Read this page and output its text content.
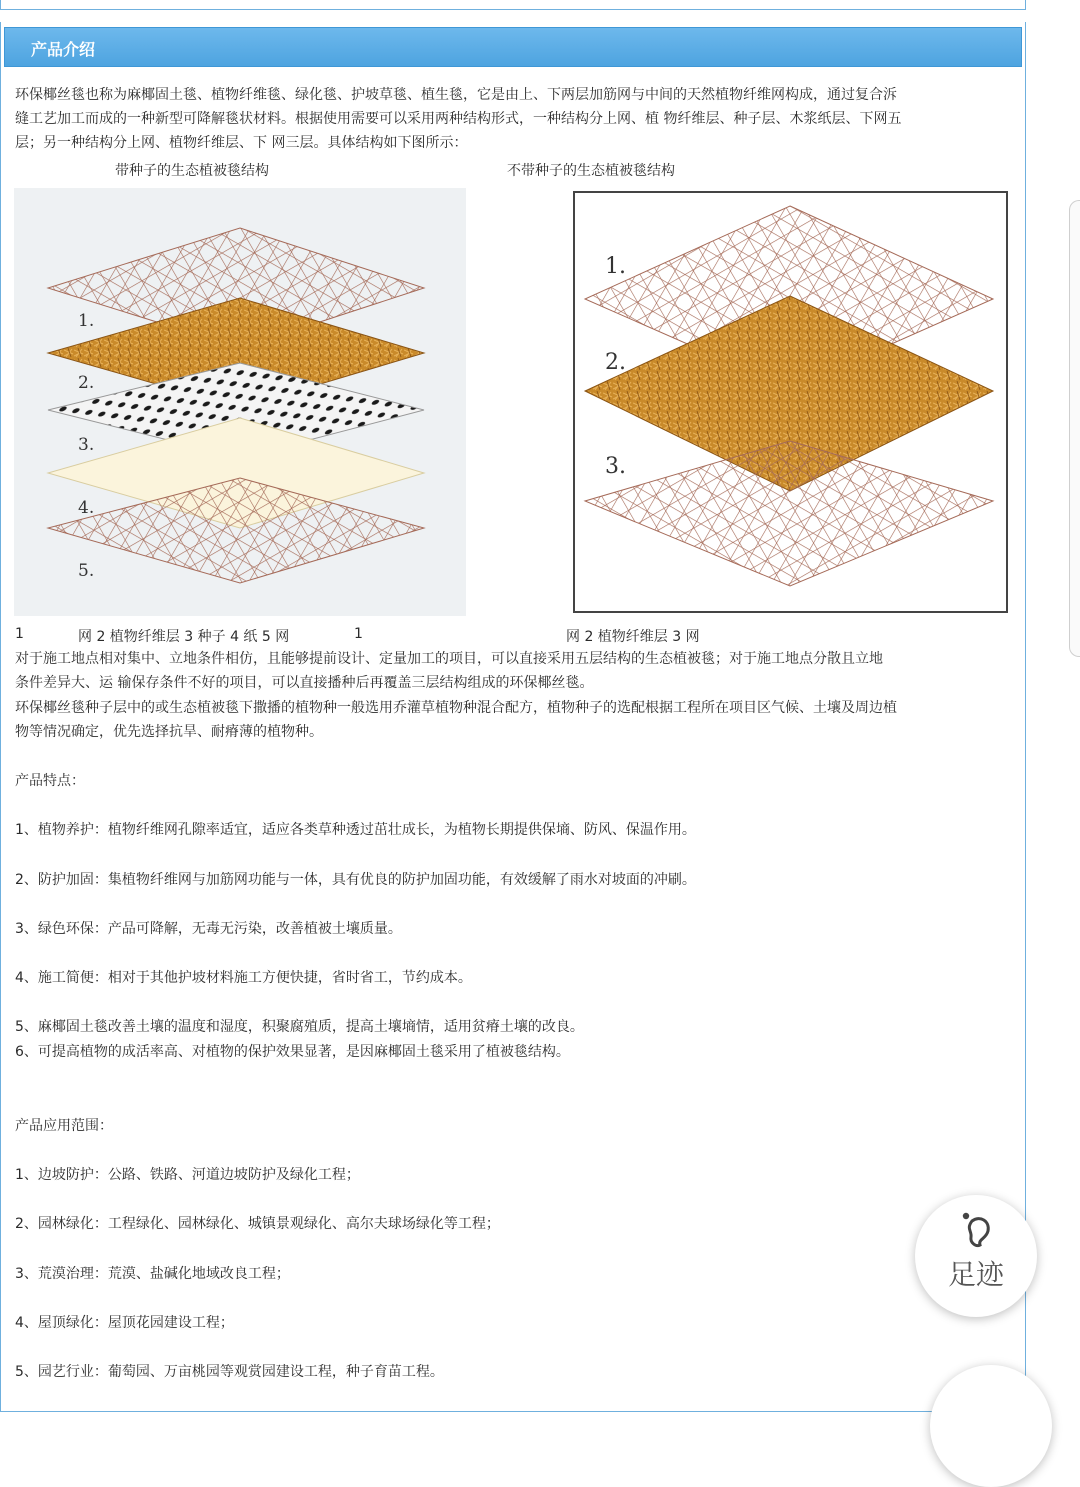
产品介绍
环保椰丝毯也称为麻椰固土毯、植物纤维毯、绿化毯、护坡草毯、植生毯，它是由上、下两层加筋网与中间的天然植物纤维网构成，通过复合泝
缝工艺加工而成的一种新型可降解毯状材料。根据使用需要可以采用两种结构形式，一种结构分上网、植 物纤维层、种子层、木浆纸层、下网五
层；另一种结构分上网、植物纤维层、下 网三层。具体结构如下图所示：
带种子的生态植被毯结构	不带种子的生态植被毯结构
1.
2.
3.
4.
5.
1.
2.
3.
1	网 2 植物纤维层 3 种子 4 纸 5 网	1	网 2 植物纤维层 3 网
对于施工地点相对集中、立地条件相仿，且能够提前设计、定量加工的项目，可以直接采用五层结构的生态植被毯；对于施工地点分散且立地
条件差异大、运 输保存条件不好的项目，可以直接播种后再覆盖三层结构组成的环保椰丝毯。
环保椰丝毯种子层中的或生态植被毯下撒播的植物种一般选用乔灌草植物种混合配方，植物种子的选配根据工程所在项目区气候、土壤及周边植
物等情况确定，优先选择抗旱、耐瘠薄的植物种。
产品特点：
1、植物养护：植物纤维网孔隙率适宜，适应各类草种透过茁壮成长，为植物长期提供保墒、防风、保温作用。
2、防护加固：集植物纤维网与加筋网功能与一体，具有优良的防护加固功能，有效缓解了雨水对坡面的冲刷。
3、绿色环保：产品可降解，无毒无污染，改善植被土壤质量。
4、施工简便：相对于其他护坡材料施工方便快捷，省时省工，节约成本。
5、麻椰固土毯改善土壤的温度和湿度，积聚腐殖质，提高土壤墒情，适用贫瘠土壤的改良。
6、可提高植物的成活率高、对植物的保护效果显著，是因麻椰固土毯采用了植被毯结构。
产品应用范围：
1、边坡防护：公路、铁路、河道边坡防护及绿化工程；
2、园林绿化：工程绿化、园林绿化、城镇景观绿化、高尔夫球场绿化等工程；
3、荒漠治理：荒漠、盐碱化地域改良工程；
4、屋顶绿化：屋顶花园建设工程；
5、园艺行业：葡萄园、万亩桃园等观赏园建设工程，种子育苗工程。
足迹
